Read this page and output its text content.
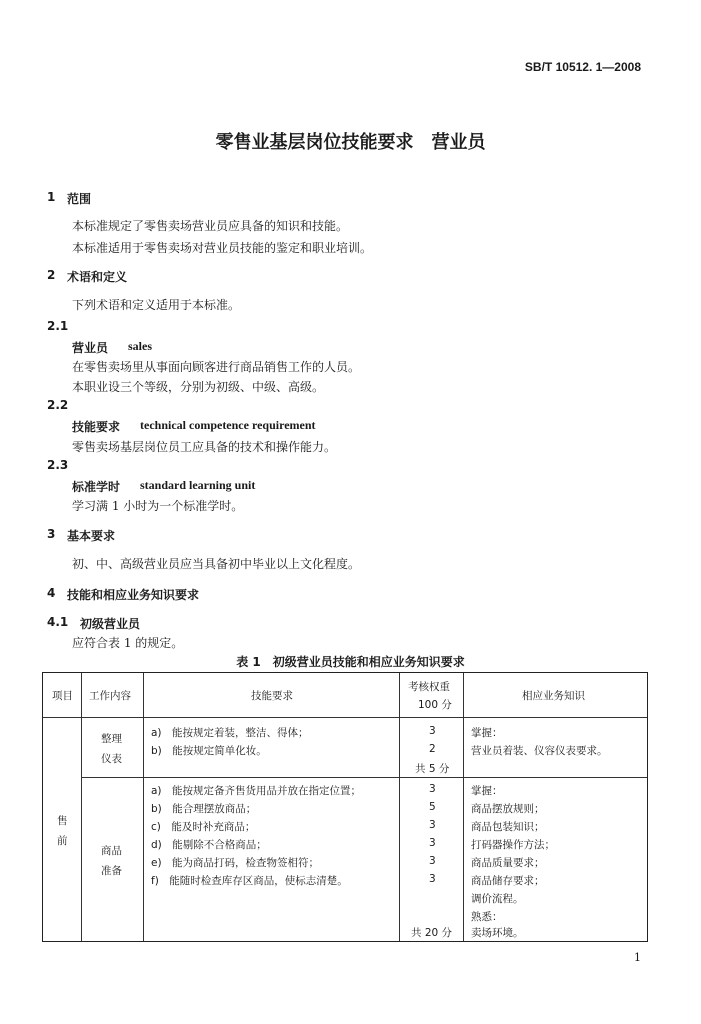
SB/T 10512. 1—2008
零售业基层岗位技能要求　营业员
1 范围
本标准规定了零售卖场营业员应具备的知识和技能。
本标准适用于零售卖场对营业员技能的鉴定和职业培训。
2 术语和定义
下列术语和定义适用于本标准。
2.1
营业员 sales
在零售卖场里从事面向顾客进行商品销售工作的人员。
本职业设三个等级，分别为初级、中级、高级。
2.2
技能要求 technical competence requirement
零售卖场基层岗位员工应具备的技术和操作能力。
2.3
标准学时 standard learning unit
学习满 1 小时为一个标准学时。
3 基本要求
初、中、高级营业员应当具备初中毕业以上文化程度。
4 技能和相应业务知识要求
4.1 初级营业员
应符合表 1 的规定。
表 1　初级营业员技能和相应业务知识要求
项目 工作内容	技能要求
考核权重
100 分
相应业务知识
售
前
整理
仪表
a)　能按规定着装，整洁、得体；
b)　能按规定简单化妆。
3
2
共 5 分
掌握：
营业员着装、仪容仪表要求。
商品
准备
a)　能按规定备齐售货用品并放在指定位置；
b)　能合理摆放商品；
c)　能及时补充商品；
d)　能剔除不合格商品；
e)　能为商品打码，检查物签相符；
f)　能随时检查库存区商品，使标志清楚。
3
5
3
3
3
3
共 20 分
掌握：
商品摆放规则；
商品包装知识；
打码器操作方法；
商品质量要求；
商品储存要求；
调价流程。
熟悉：
卖场环境。
1
